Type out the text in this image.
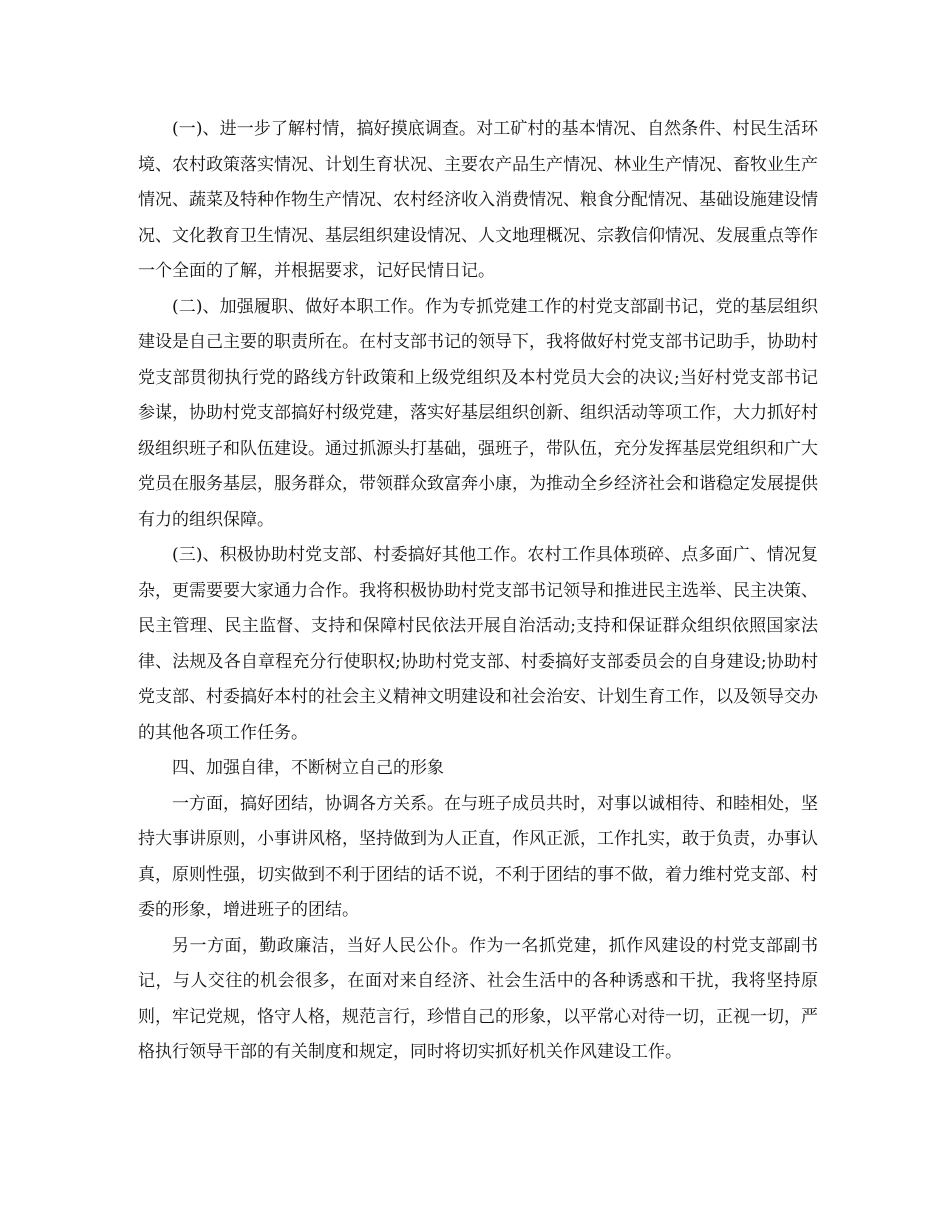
(一)、进一步了解村情，搞好摸底调查。对工矿村的基本情况、自然条件、村民生活环境、农村政策落实情况、计划生育状况、主要农产品生产情况、林业生产情况、畜牧业生产情况、蔬菜及特种作物生产情况、农村经济收入消费情况、粮食分配情况、基础设施建设情况、文化教育卫生情况、基层组织建设情况、人文地理概况、宗教信仰情况、发展重点等作一个全面的了解，并根据要求，记好民情日记。

(二)、加强履职、做好本职工作。作为专抓党建工作的村党支部副书记，党的基层组织建设是自己主要的职责所在。在村支部书记的领导下，我将做好村党支部书记助手，协助村党支部贯彻执行党的路线方针政策和上级党组织及本村党员大会的决议;当好村党支部书记参谋，协助村党支部搞好村级党建，落实好基层组织创新、组织活动等项工作，大力抓好村级组织班子和队伍建设。通过抓源头打基础，强班子，带队伍，充分发挥基层党组织和广大党员在服务基层，服务群众，带领群众致富奔小康，为推动全乡经济社会和谐稳定发展提供有力的组织保障。

(三)、积极协助村党支部、村委搞好其他工作。农村工作具体琐碎、点多面广、情况复杂，更需要要大家通力合作。我将积极协助村党支部书记领导和推进民主选举、民主决策、民主管理、民主监督、支持和保障村民依法开展自治活动;支持和保证群众组织依照国家法律、法规及各自章程充分行使职权;协助村党支部、村委搞好支部委员会的自身建设;协助村党支部、村委搞好本村的社会主义精神文明建设和社会治安、计划生育工作，以及领导交办的其他各项工作任务。

四、加强自律，不断树立自己的形象

一方面，搞好团结，协调各方关系。在与班子成员共时，对事以诚相待、和睦相处，坚持大事讲原则，小事讲风格，坚持做到为人正直，作风正派，工作扎实，敢于负责，办事认真，原则性强，切实做到不利于团结的话不说，不利于团结的事不做，着力维村党支部、村委的形象，增进班子的团结。

另一方面，勤政廉洁，当好人民公仆。作为一名抓党建，抓作风建设的村党支部副书记，与人交往的机会很多，在面对来自经济、社会生活中的各种诱惑和干扰，我将坚持原则，牢记党规，恪守人格，规范言行，珍惜自己的形象，以平常心对待一切，正视一切，严格执行领导干部的有关制度和规定，同时将切实抓好机关作风建设工作。
